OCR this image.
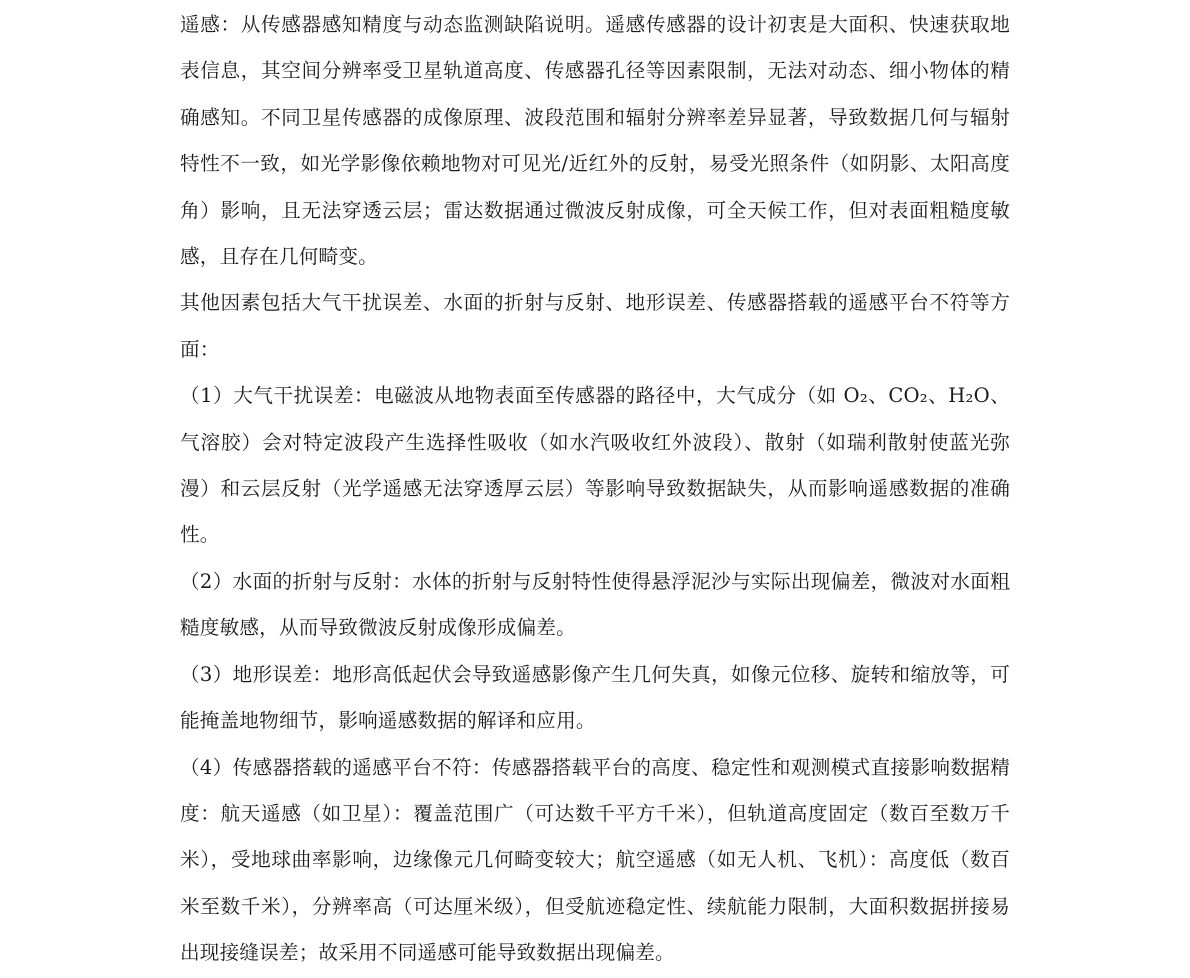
遥感：从传感器感知精度与动态监测缺陷说明。遥感传感器的设计初衷是大面积、快速获取地表信息，其空间分辨率受卫星轨道高度、传感器孔径等因素限制，无法对动态、细小物体的精确感知。不同卫星传感器的成像原理、波段范围和辐射分辨率差异显著，导致数据几何与辐射特性不一致，如光学影像依赖地物对可见光/近红外的反射，易受光照条件（如阴影、太阳高度角）影响，且无法穿透云层；雷达数据通过微波反射成像，可全天候工作，但对表面粗糙度敏感，且存在几何畸变。

其他因素包括大气干扰误差、水面的折射与反射、地形误差、传感器搭载的遥感平台不符等方面：

（1）大气干扰误差：电磁波从地物表面至传感器的路径中，大气成分（如 O₂、CO₂、H₂O、气溶胶）会对特定波段产生选择性吸收（如水汽吸收红外波段）、散射（如瑞利散射使蓝光弥漫）和云层反射（光学遥感无法穿透厚云层）等影响导致数据缺失，从而影响遥感数据的准确性。

（2）水面的折射与反射：水体的折射与反射特性使得悬浮泥沙与实际出现偏差，微波对水面粗糙度敏感，从而导致微波反射成像形成偏差。

（3）地形误差：地形高低起伏会导致遥感影像产生几何失真，如像元位移、旋转和缩放等，可能掩盖地物细节，影响遥感数据的解译和应用。

（4）传感器搭载的遥感平台不符：传感器搭载平台的高度、稳定性和观测模式直接影响数据精度：航天遥感（如卫星）：覆盖范围广（可达数千平方千米），但轨道高度固定（数百至数万千米），受地球曲率影响，边缘像元几何畸变较大；航空遥感（如无人机、飞机）：高度低（数百米至数千米），分辨率高（可达厘米级），但受航迹稳定性、续航能力限制，大面积数据拼接易出现接缝误差；故采用不同遥感可能导致数据出现偏差。
